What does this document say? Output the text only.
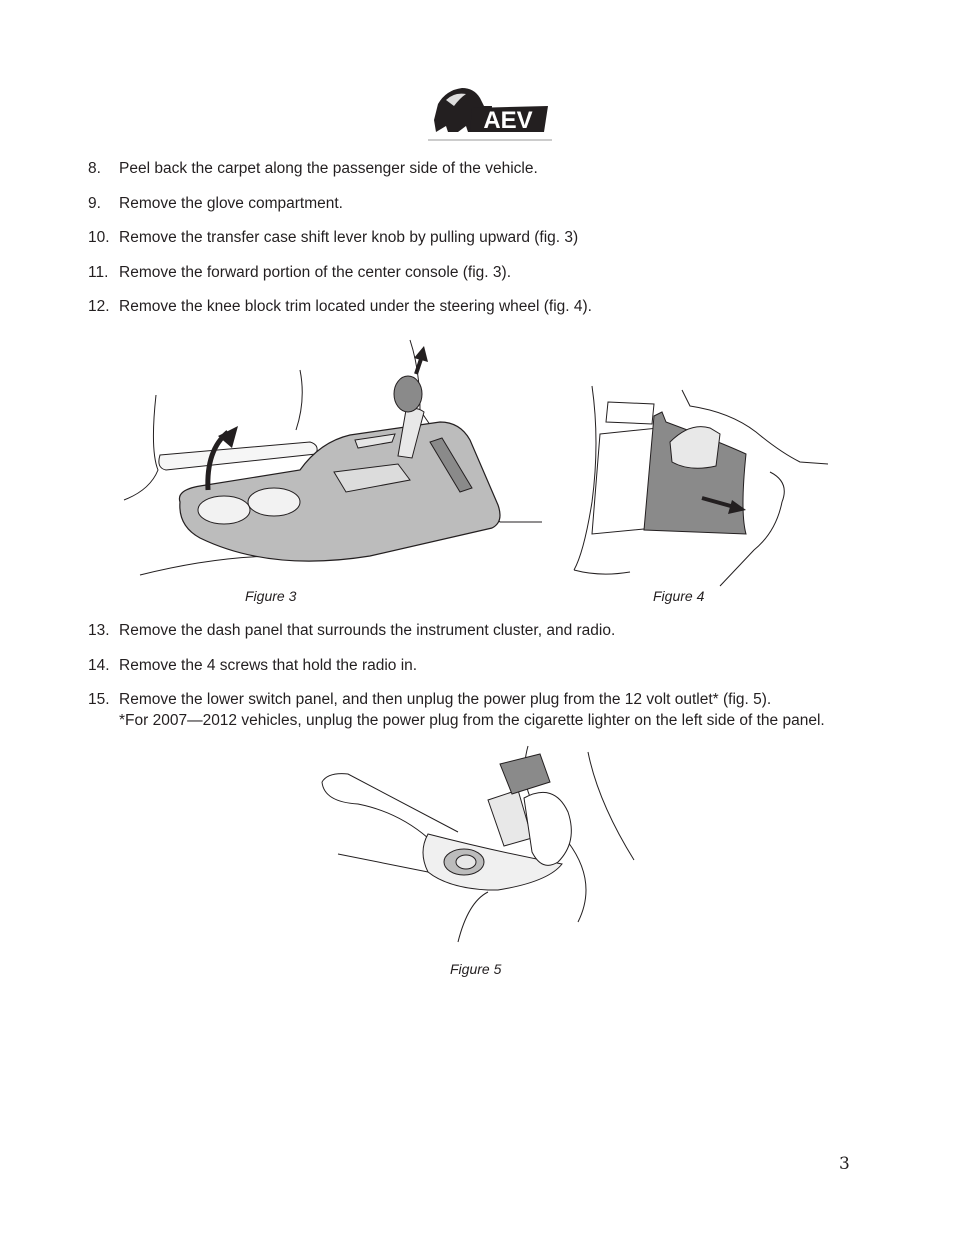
AEV
8.	Peel back the carpet along the passenger side of the vehicle.
9.	Remove the glove compartment.
10. Remove the transfer case shift lever knob by pulling upward (fig. 3)
11. Remove the forward portion of the center console (fig. 3).
12. Remove the knee block trim located under the steering wheel (fig. 4).
Figure 3	Figure 4
13. Remove the dash panel that surrounds the instrument cluster, and radio.
14. Remove the 4 screws that hold the radio in.
15. Remove the lower switch panel, and then unplug the power plug from the 12 volt outlet* (fig. 5).
*For 2007—2012 vehicles, unplug the power plug from the cigarette lighter on the left side of the panel.
Figure 5
3
